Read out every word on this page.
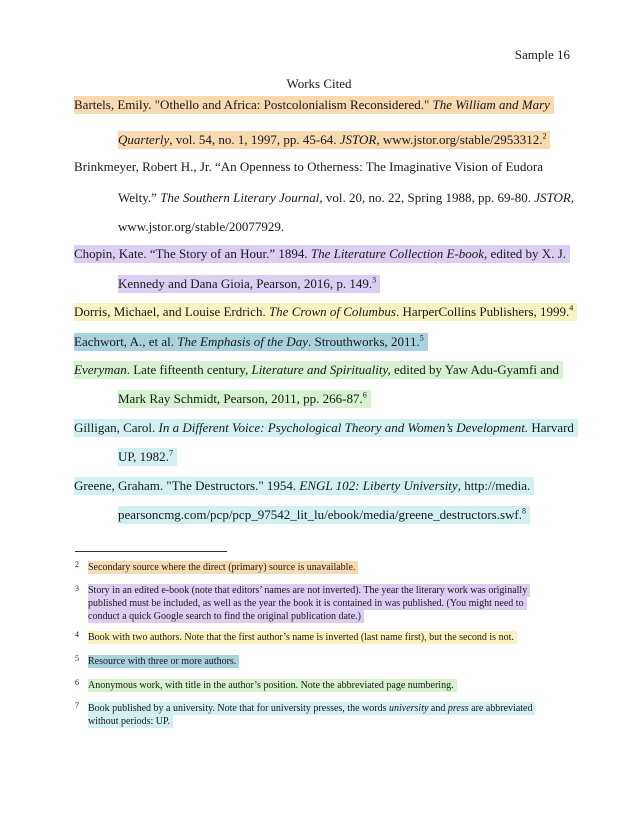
Sample 16
Works Cited
Bartels, Emily. "Othello and Africa: Postcolonialism Reconsidered." The William and Mary
Quarterly, vol. 54, no. 1, 1997, pp. 45-64. JSTOR, www.jstor.org/stable/2953312.$^2$
Brinkmeyer, Robert H., Jr. “An Openness to Otherness: The Imaginative Vision of Eudora
Welty.” The Southern Literary Journal, vol. 20, no. 22, Spring 1988, pp. 69-80. JSTOR,
www.jstor.org/stable/20077929.
Chopin, Kate. “The Story of an Hour.” 1894. The Literature Collection E-book, edited by X. J.
Kennedy and Dana Gioia, Pearson, 2016, p. 149.$^3$
Dorris, Michael, and Louise Erdrich. The Crown of Columbus. HarperCollins Publishers, 1999.$^4$
Eachwort, A., et al. The Emphasis of the Day. Strouthworks, 2011.$^5$
Everyman. Late fifteenth century, Literature and Spirituality, edited by Yaw Adu-Gyamfi and
Mark Ray Schmidt, Pearson, 2011, pp. 266-87.$^6$
Gilligan, Carol. In a Different Voice: Psychological Theory and Women’s Development. Harvard
UP, 1982.$^7$
Greene, Graham. "The Destructors." 1954. ENGL 102: Liberty University, http://media.
pearsoncmg.com/pcp/pcp_97542_lit_lu/ebook/media/greene_destructors.swf.$^8$
2 Secondary source where the direct (primary) source is unavailable.
3 Story in an edited e-book (note that editors’ names are not inverted). The year the literary work was originally
published must be included, as well as the year the book it is contained in was published. (You might need to
conduct a quick Google search to find the original publication date.)
4 Book with two authors. Note that the first author’s name is inverted (last name first), but the second is not.
5 Resource with three or more authors.
6 Anonymous work, with title in the author’s position. Note the abbreviated page numbering.
7 Book published by a university. Note that for university presses, the words university and press are abbreviated
without periods: UP.
